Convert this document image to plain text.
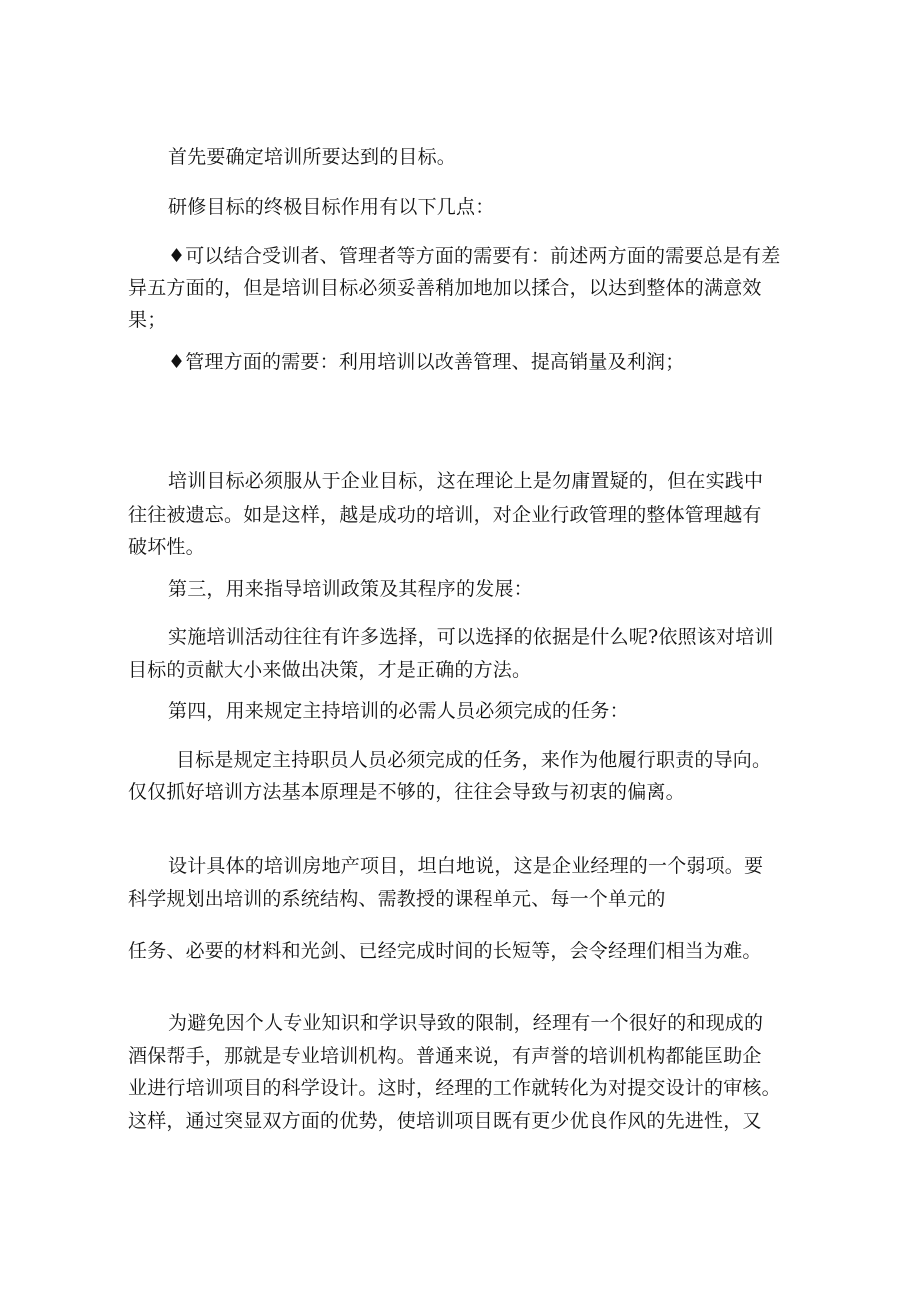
首先要确定培训所要达到的目标。
研修目标的终极目标作用有以下几点：
♦可以结合受训者、管理者等方面的需要有：前述两方面的需要总是有差
异五方面的，但是培训目标必须妥善稍加地加以揉合，以达到整体的满意效
果；
♦管理方面的需要：利用培训以改善管理、提高销量及利润；
培训目标必须服从于企业目标，这在理论上是勿庸置疑的，但在实践中
往往被遗忘。如是这样，越是成功的培训，对企业行政管理的整体管理越有
破坏性。
第三，用来指导培训政策及其程序的发展：
实施培训活动往往有许多选择，可以选择的依据是什么呢?依照该对培训
目标的贡献大小来做出决策，才是正确的方法。
第四，用来规定主持培训的必需人员必须完成的任务：
目标是规定主持职员人员必须完成的任务，来作为他履行职责的导向。
仅仅抓好培训方法基本原理是不够的，往往会导致与初衷的偏离。
设计具体的培训房地产项目，坦白地说，这是企业经理的一个弱项。要
科学规划出培训的系统结构、需教授的课程单元、每一个单元的
任务、必要的材料和光剑、已经完成时间的长短等，会令经理们相当为难。
为避免因个人专业知识和学识导致的限制，经理有一个很好的和现成的
酒保帮手，那就是专业培训机构。普通来说，有声誉的培训机构都能匡助企
业进行培训项目的科学设计。这时，经理的工作就转化为对提交设计的审核。
这样，通过突显双方面的优势，使培训项目既有更少优良作风的先进性，又
